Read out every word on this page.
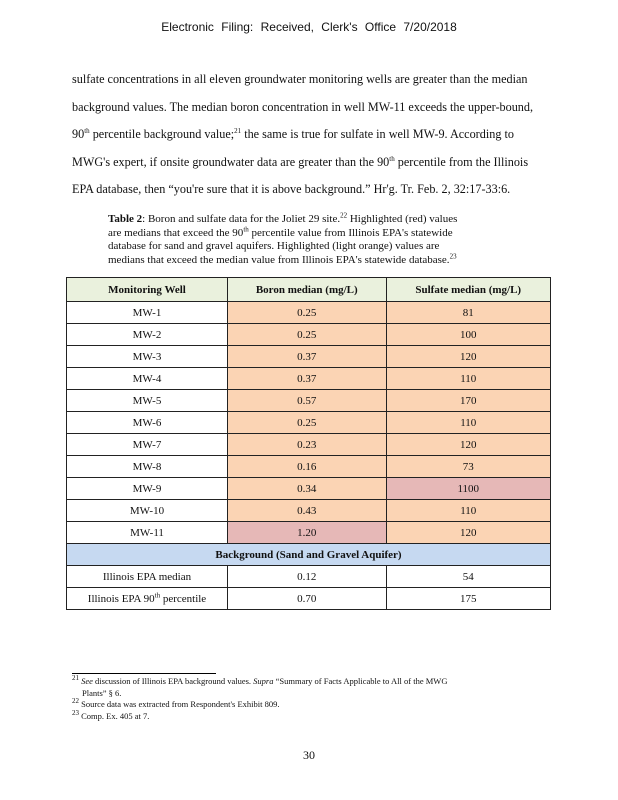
Electronic Filing: Received, Clerk's Office 7/20/2018

sulfate concentrations in all eleven groundwater monitoring wells are greater than the median

background values. The median boron concentration in well MW-11 exceeds the upper-bound,

90th percentile background value;$^{21}$ the same is true for sulfate in well MW-9. According to

MWG's expert, if onsite groundwater data are greater than the 90th percentile from the Illinois

EPA database, then “you're sure that it is above background.” Hr'g. Tr. Feb. 2, 32:17-33:6.

Table 2: Boron and sulfate data for the Joliet 29 site.$^{22}$ Highlighted (red) values

are medians that exceed the 90th percentile value from Illinois EPA's statewide

database for sand and gravel aquifers. Highlighted (light orange) values are

medians that exceed the median value from Illinois EPA's statewide database.$^{23}$

Monitoring Well	Boron median (mg/L)	Sulfate median (mg/L)
MW-1	0.25	81
MW-2	0.25	100
MW-3	0.37	120
MW-4	0.37	110
MW-5	0.57	170
MW-6	0.25	110
MW-7	0.23	120
MW-8	0.16	73
MW-9	0.34	1100
MW-10	0.43	110
MW-11	1.20	120
Background (Sand and Gravel Aquifer)		
Illinois EPA median	0.12	54
Illinois EPA 90th percentile	0.70	175

$^{21}$ See discussion of Illinois EPA background values. Supra “Summary of Facts Applicable to All of the MWG

Plants” § 6.

$^{22}$ Source data was extracted from Respondent's Exhibit 809.

$^{23}$ Comp. Ex. 405 at 7.

30
